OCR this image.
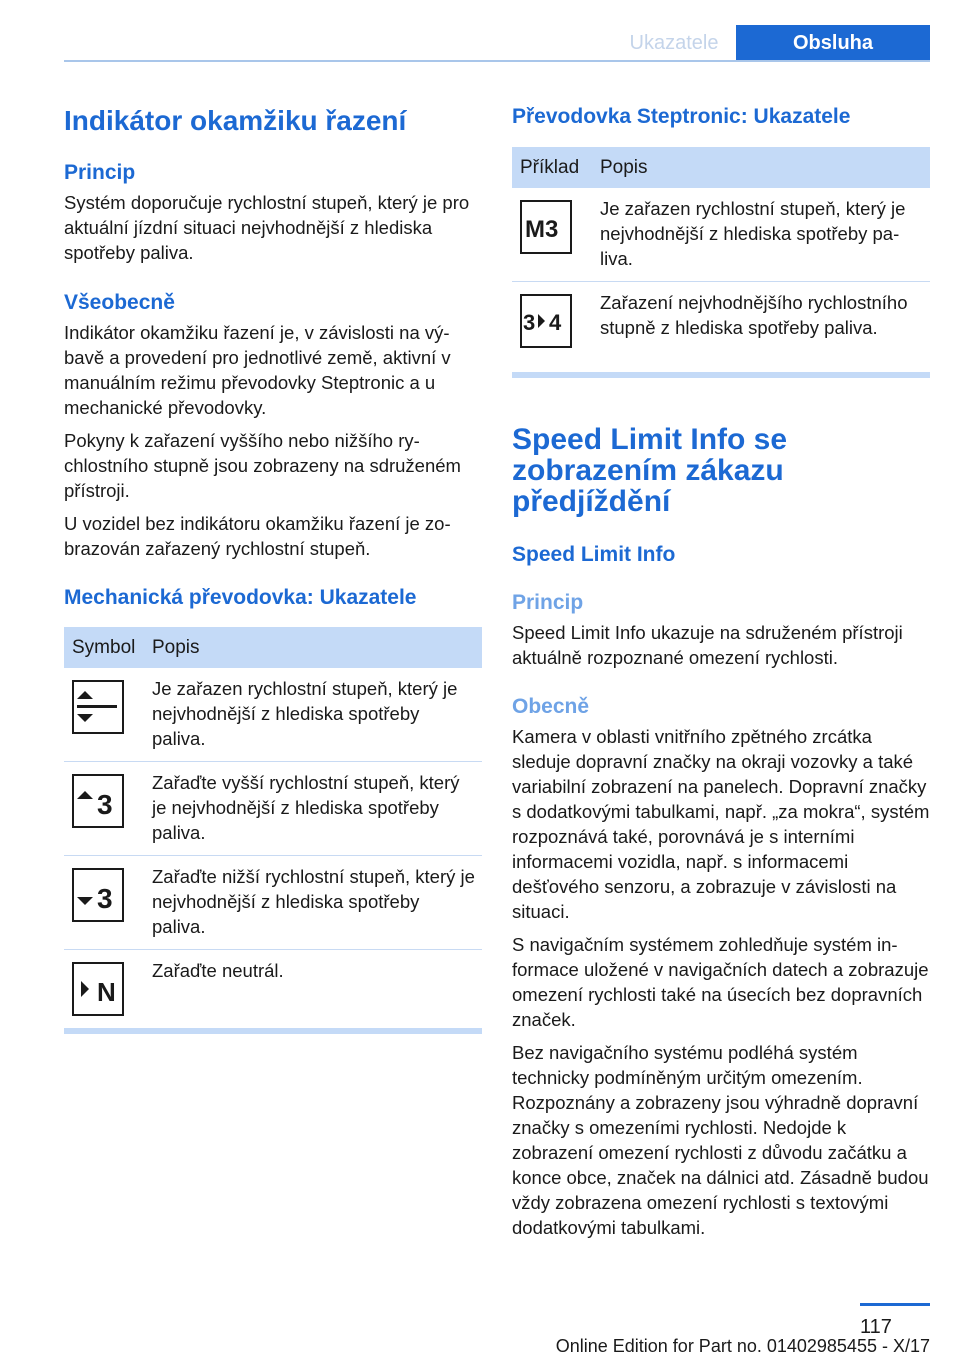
Ukazatele	Obsluha
Indikátor okamžiku řazení
Princip

Systém doporučuje rychlostní stupeň, který je pro aktuální jízdní situaci nejvhodnější z hlediska spotřeby paliva.

Všeobecně

Indikátor okamžiku řazení je, v závislosti na výbavě a provedení pro jednotlivé země, aktivní v manuálním režimu převodovky Steptronic a u mechanické převodovky.

Pokyny k zařazení vyššího nebo nižšího rychlostního stupně jsou zobrazeny na sdruženém přístroji.

U vozidel bez indikátoru okamžiku řazení je zobrazován zařazený rychlostní stupeň.

Mechanická převodovka: Ukazatele
Symbol	Popis

	Je zařazen rychlostní stupeň, který je nejvhodnější z hlediska spotřeby paliva.

3	Zařaďte vyšší rychlostní stupeň, který je nejvhodnější z hlediska spotřeby paliva.

3	Zařaďte nižší rychlostní stupeň, který je nejvhodnější z hlediska spotřeby paliva.

N	Zařaďte neutrál.
Převodovka Steptronic: Ukazatele
Příklad	Popis

M3	Je zařazen rychlostní stupeň, který je nejvhodnější z hlediska spotřeby paliva.

3 4	Zařazení nejvhodnějšího rychlostního stupně z hlediska spotřeby paliva.
Speed Limit Info se zobrazením zákazu předjíždění
Speed Limit Info
Princip

Speed Limit Info ukazuje na sdruženém přístroji aktuálně rozpoznané omezení rychlosti.

Obecně

Kamera v oblasti vnitřního zpětného zrcátka sleduje dopravní značky na okraji vozovky a také variabilní zobrazení na panelech. Dopravní značky s dodatkovými tabulkami, např. „za mokra“, systém rozpoznává také, porovnává je s interními informacemi vozidla, např. s informacemi dešťového senzoru, a zobrazuje v závislosti na situaci.

S navigačním systémem zohledňuje systém informace uložené v navigačních datech a zobrazuje omezení rychlosti také na úsecích bez dopravních značek.

Bez navigačního systému podléhá systém technicky podmíněným určitým omezením. Rozpoznány a zobrazeny jsou výhradně dopravní značky s omezeními rychlosti. Nedojde k zobrazení omezení rychlosti z důvodu začátku a konce obce, značek na dálnici atd. Zásadně budou vždy zobrazena omezení rychlosti s textovými dodatkovými tabulkami.

117
Online Edition for Part no. 01402985455 - X/17
